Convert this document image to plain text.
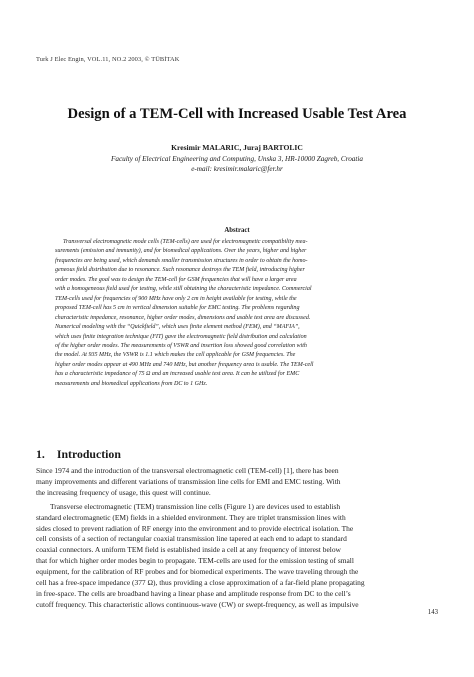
Turk J Elec Engin, VOL.11, NO.2 2003, © TÜBİTAK
Design of a TEM-Cell with Increased Usable Test Area
Kresimir MALARIC, Juraj BARTOLIC
Faculty of Electrical Engineering and Computing, Unska 3, HR-10000 Zagreb, Croatia
e-mail: kresimir.malaric@fer.hr
Abstract
Transversal electromagnetic mode cells (TEM-cells) are used for electromagnetic compatibility mea-
surements (emission and immunity), and for biomedical applications. Over the years, higher and higher
frequencies are being used, which demands smaller transmission structures in order to obtain the homo-
geneous field distribution due to resonance. Such resonance destroys the TEM field, introducing higher
order modes. The goal was to design the TEM-cell for GSM frequencies that will have a larger area
with a homogeneous field used for testing, while still obtaining the characteristic impedance. Commercial
TEM-cells used for frequencies of 900 MHz have only 2 cm in height available for testing, while the
proposed TEM-cell has 5 cm in vertical dimension suitable for EMC testing. The problems regarding
characteristic impedance, resonance, higher order modes, dimensions and usable test area are discussed.
Numerical modeling with the “Quickfield”, which uses finite element method (FEM), and “MAFIA”,
which uses finite integration technique (FIT) gave the electromagnetic field distribution and calculation
of the higher order modes. The measurements of VSWR and insertion loss showed good correlation with
the model. At 935 MHz, the VSWR is 1.1 which makes the cell applicable for GSM frequencies. The
higher order modes appear at 490 MHz and 740 MHz, but another frequency area is usable. The TEM-cell
has a characteristic impedance of 75 Ω and an increased usable test area. It can be utilized for EMC
measurements and biomedical applications from DC to 1 GHz.
1. Introduction
Since 1974 and the introduction of the transversal electromagnetic cell (TEM-cell) [1], there has been
many improvements and different variations of transmission line cells for EMI and EMC testing. With
the increasing frequency of usage, this quest will continue.
Transverse electromagnetic (TEM) transmission line cells (Figure 1) are devices used to establish
standard electromagnetic (EM) fields in a shielded environment. They are triplet transmission lines with
sides closed to prevent radiation of RF energy into the environment and to provide electrical isolation. The
cell consists of a section of rectangular coaxial transmission line tapered at each end to adapt to standard
coaxial connectors. A uniform TEM field is established inside a cell at any frequency of interest below
that for which higher order modes begin to propagate. TEM-cells are used for the emission testing of small
equipment, for the calibration of RF probes and for biomedical experiments. The wave traveling through the
cell has a free-space impedance (377 Ω), thus providing a close approximation of a far-field plane propagating
in free-space. The cells are broadband having a linear phase and amplitude response from DC to the cell’s
cutoff frequency. This characteristic allows continuous-wave (CW) or swept-frequency, as well as impulsive
143
